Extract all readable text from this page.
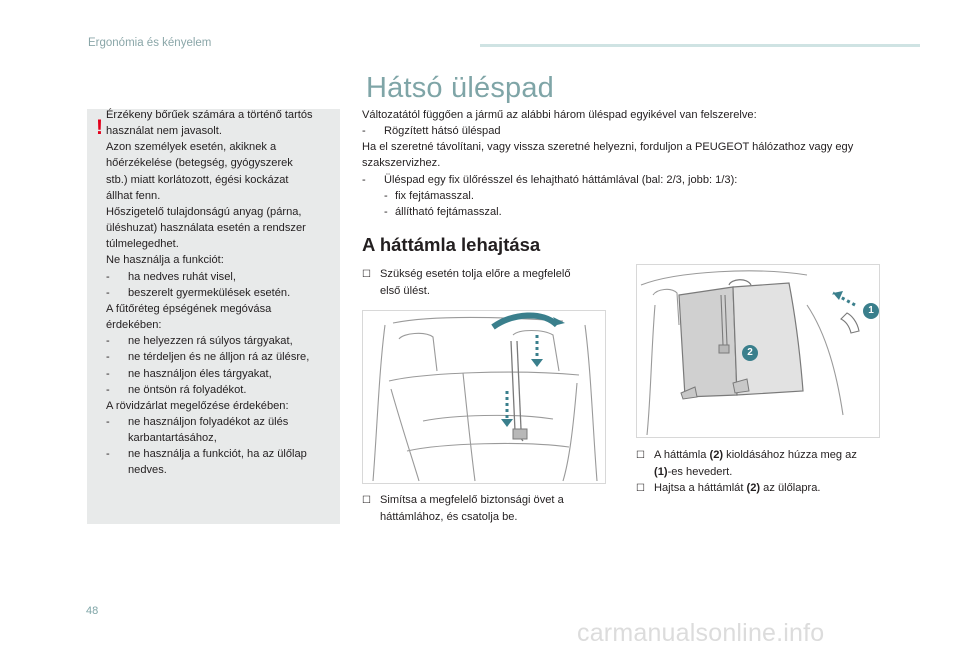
Ergonómia és kényelem
!
Érzékeny bőrűek számára a történő tartós
használat nem javasolt.
Azon személyek esetén, akiknek a
hőérzékelése (betegség, gyógyszerek
stb.) miatt korlátozott, égési kockázat
állhat fenn.
Hőszigetelő tulajdonságú anyag (párna,
üléshuzat) használata esetén a rendszer
túlmelegedhet.
Ne használja a funkciót:
- ha nedves ruhát visel,
- beszerelt gyermekülések esetén.
A fűtőréteg épségének megóvása
érdekében:
- ne helyezzen rá súlyos tárgyakat,
- ne térdeljen és ne álljon rá az ülésre,
- ne használjon éles tárgyakat,
- ne öntsön rá folyadékot.
A rövidzárlat megelőzése érdekében:
- ne használjon folyadékot az ülés
karbantartásához,
- ne használja a funkciót, ha az ülőlap
nedves.
Hátsó üléspad
Változatától függően a jármű az alábbi három üléspad egyikével van felszerelve:
- Rögzített hátsó üléspad
Ha el szeretné távolítani, vagy vissza szeretné helyezni, forduljon a PEUGEOT hálózathoz vagy egy
szakszervizhez.
- Üléspad egy fix ülőrésszel és lehajtható háttámlával (bal: 2/3, jobb: 1/3):
- fix fejtámasszal.
- állítható fejtámasszal.
A háttámla lehajtása
☐ Szükség esetén tolja előre a megfelelő
első ülést.
☐ Simítsa a megfelelő biztonsági övet a
háttámlához, és csatolja be.
1
2
☐ A háttámla (2) kioldásához húzza meg az
(1)-es hevedert.
☐ Hajtsa a háttámlát (2) az ülőlapra.
48
carmanualsonline.info
